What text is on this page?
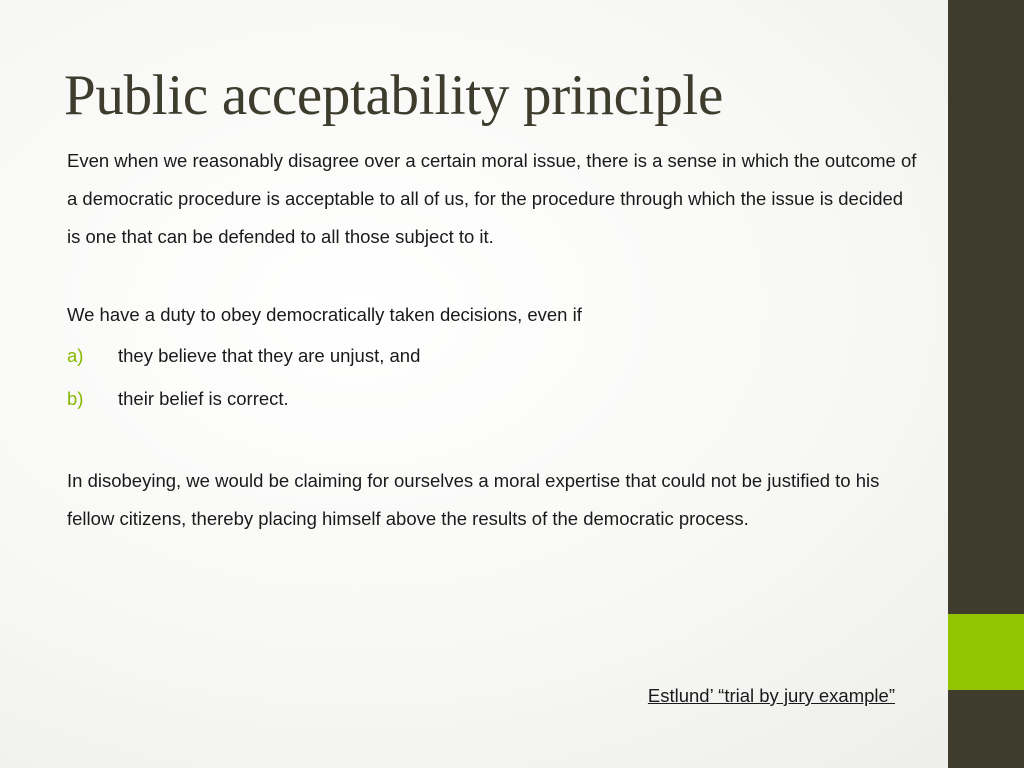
Public acceptability principle

Even when we reasonably disagree over a certain moral issue, there is a sense in which the outcome of a democratic procedure is acceptable to all of us, for the procedure through which the issue is decided is one that can be defended to all those subject to it.

We have a duty to obey democratically taken decisions, even if

a)	they believe that they are unjust, and
b)	their belief is correct.

In disobeying, we would be claiming for ourselves a moral expertise that could not be justified to his fellow citizens, thereby placing himself above the results of the democratic process.

Estlund’ “trial by jury example”
